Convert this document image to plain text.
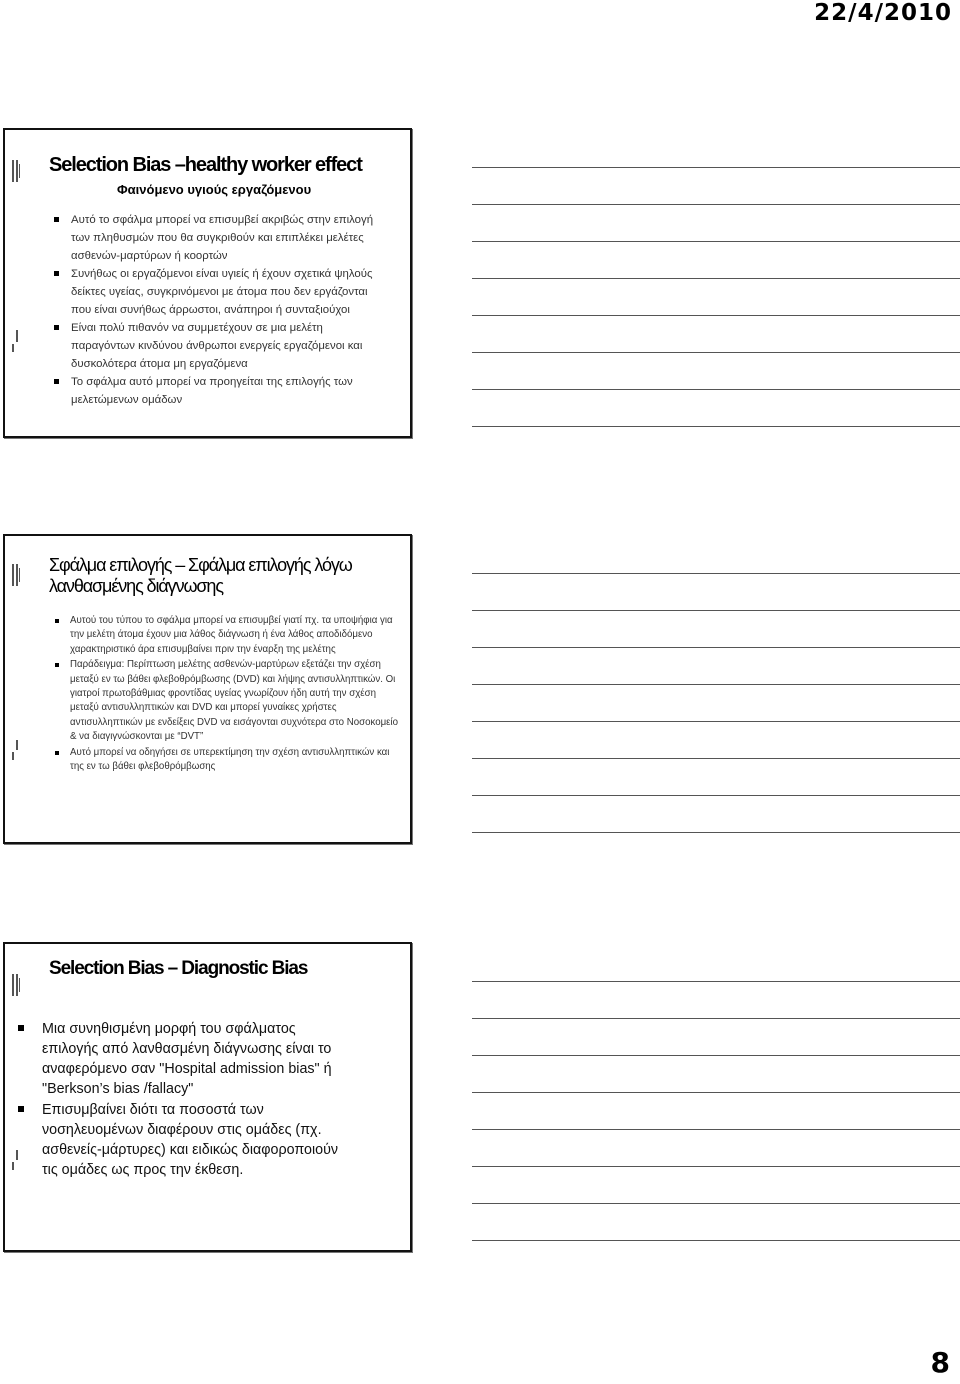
22/4/2010
Selection Bias –healthy worker effect
Φαινόμενο υγιούς εργαζόμενου
Αυτό το σφάλμα μπορεί να επισυμβεί ακριβώς στην επιλογή των πληθυσμών που θα συγκριθούν και επιπλέκει μελέτες ασθενών-μαρτύρων ή κοορτών
Συνήθως οι εργαζόμενοι είναι υγιείς ή έχουν σχετικά ψηλούς δείκτες υγείας, συγκρινόμενοι με άτομα που δεν εργάζονται που είναι συνήθως άρρωστοι, ανάπηροι ή συνταξιούχοι
Είναι πολύ πιθανόν να συμμετέχουν σε μια μελέτη παραγόντων κινδύνου άνθρωποι ενεργείς εργαζόμενοι και δυσκολότερα άτομα μη εργαζόμενα
Το σφάλμα αυτό μπορεί να προηγείται της επιλογής των μελετώμενων ομάδων
Σφάλμα επιλογής – Σφάλμα επιλογής λόγω
λανθασμένης διάγνωσης
Αυτού του τύπου το σφάλμα μπορεί να επισυμβεί γιατί πχ. τα υποψήφια για την μελέτη άτομα έχουν μια λάθος διάγνωση ή ένα λάθος αποδιδόμενο χαρακτηριστικό άρα επισυμβαίνει πριν την έναρξη της μελέτης
Παράδειγμα: Περίπτωση μελέτης ασθενών-μαρτύρων εξετάζει την σχέση μεταξύ εν τω βάθει φλεβοθρόμβωσης (DVD) και λήψης αντισυλληπτικών. Οι γιατροί πρωτοβάθμιας φροντίδας υγείας γνωρίζουν ήδη αυτή την σχέση μεταξύ αντισυλληπτικών και DVD και μπορεί γυναίκες χρήστες αντισυλληπτικών με ενδείξεις DVD να εισάγονται συχνότερα στο Νοσοκομείο & να διαγιγνώσκονται με “DVT”
Αυτό μπορεί να οδηγήσει σε υπερεκτίμηση την σχέση αντισυλληπτικών και της εν τω βάθει φλεβοθρόμβωσης
Selection Bias – Diagnostic Bias
Μια συνηθισμένη μορφή του σφάλματος επιλογής από λανθασμένη διάγνωσης είναι το αναφερόμενο σαν "Hospital admission bias" ή "Berkson’s bias /fallacy"
Επισυμβαίνει διότι τα ποσοστά των νοσηλευομένων διαφέρουν στις ομάδες (πχ. ασθενείς-μάρτυρες) και ειδικώς διαφοροποιούν τις ομάδες ως προς την έκθεση.
8
